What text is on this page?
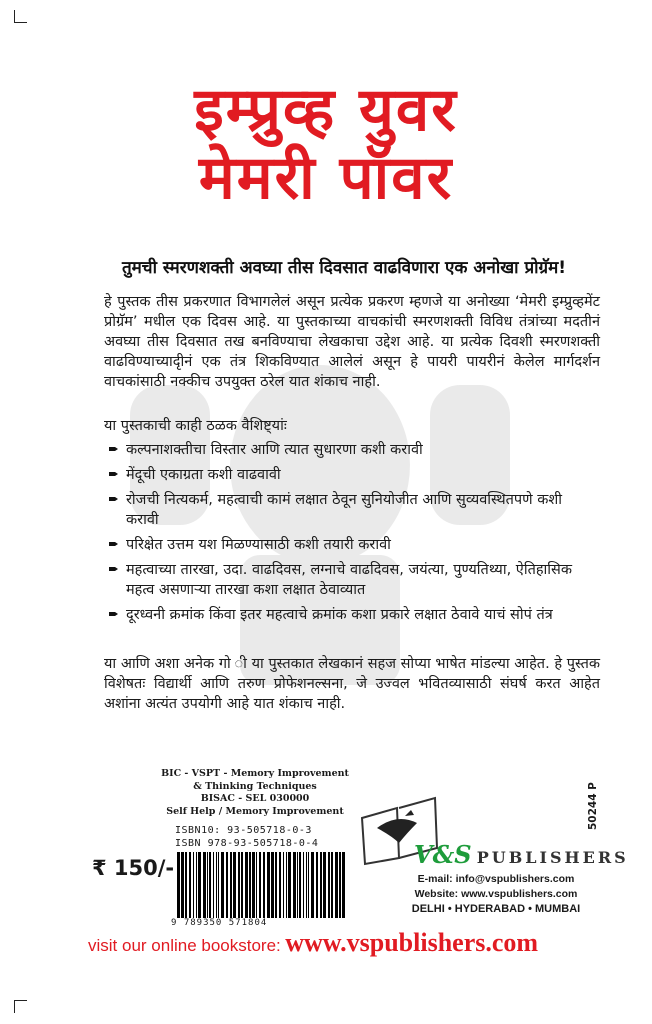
इम्प्रुव्ह युवर
मेमरी पॉवर
तुमची स्मरणशक्ती अवघ्या तीस दिवसात वाढविणारा एक अनोखा प्रोग्रॅम!
हे पुस्तक तीस प्रकरणात विभागलेलं असून प्रत्येक प्रकरण म्हणजे या अनोख्या ‘मेमरी इम्प्रुव्हमेंट प्रोग्रॅम’ मधील एक दिवस आहे. या पुस्तकाच्या वाचकांची स्मरणशक्ती विविध तंत्रांच्या मदतीनं अवघ्या तीस दिवसात तख बनविण्याचा लेखकाचा उद्देश आहे. या प्रत्येक दिवशी स्मरणशक्ती वाढविण्याच्यादृीनं एक तंत्र शिकविण्यात आलेलं असून हे पायरी पायरीनं केलेल मार्गदर्शन वाचकांसाठी नक्कीच उपयुक्त ठरेल यात शंकाच नाही.
या पुस्तकाची काही ठळक वैशिष्ट्यांः
कल्पनाशक्तीचा विस्तार आणि त्यात सुधारणा कशी करावी
मेंदूची एकाग्रता कशी वाढवावी
रोजची नित्यकर्म, महत्वाची कामं लक्षात ठेवून सुनियोजीत आणि सुव्यवस्थितपणे कशी करावी
परिक्षेत उत्तम यश मिळण्यासाठी कशी तयारी करावी
महत्वाच्या तारखा, उदा. वाढदिवस, लग्नाचे वाढदिवस, जयंत्या, पुण्यतिथ्या, ऐतिहासिक महत्व असणाऱ्या तारखा कशा लक्षात ठेवाव्यात
दूरध्वनी क्रमांक किंवा इतर महत्वाचे क्रमांक कशा प्रकारे लक्षात ठेवावे याचं सोपं तंत्र
या आणि अशा अनेक गो ी या पुस्तकात लेखकानं सहज सोप्या भाषेत मांडल्या आहेत. हे पुस्तक विशेषतः विद्यार्थी आणि तरुण प्रोफेशनल्सना, जे उज्वल भवितव्यासाठी संघर्ष करत आहेत अशांना अत्यंत उपयोगी आहे यात शंकाच नाही.
BIC - VSPT - Memory Improvement
& Thinking Techniques
BISAC - SEL 030000
Self Help / Memory Improvement
ISBN10: 93-505718-0-3
ISBN 978-93-505718-0-4
₹ 150/-
9 789350 571804
50244 P
V&S PUBLISHERS
E-mail: info@vspublishers.com
Website: www.vspublishers.com
DELHI • HYDERABAD • MUMBAI
visit our online bookstore: www.vspublishers.com
